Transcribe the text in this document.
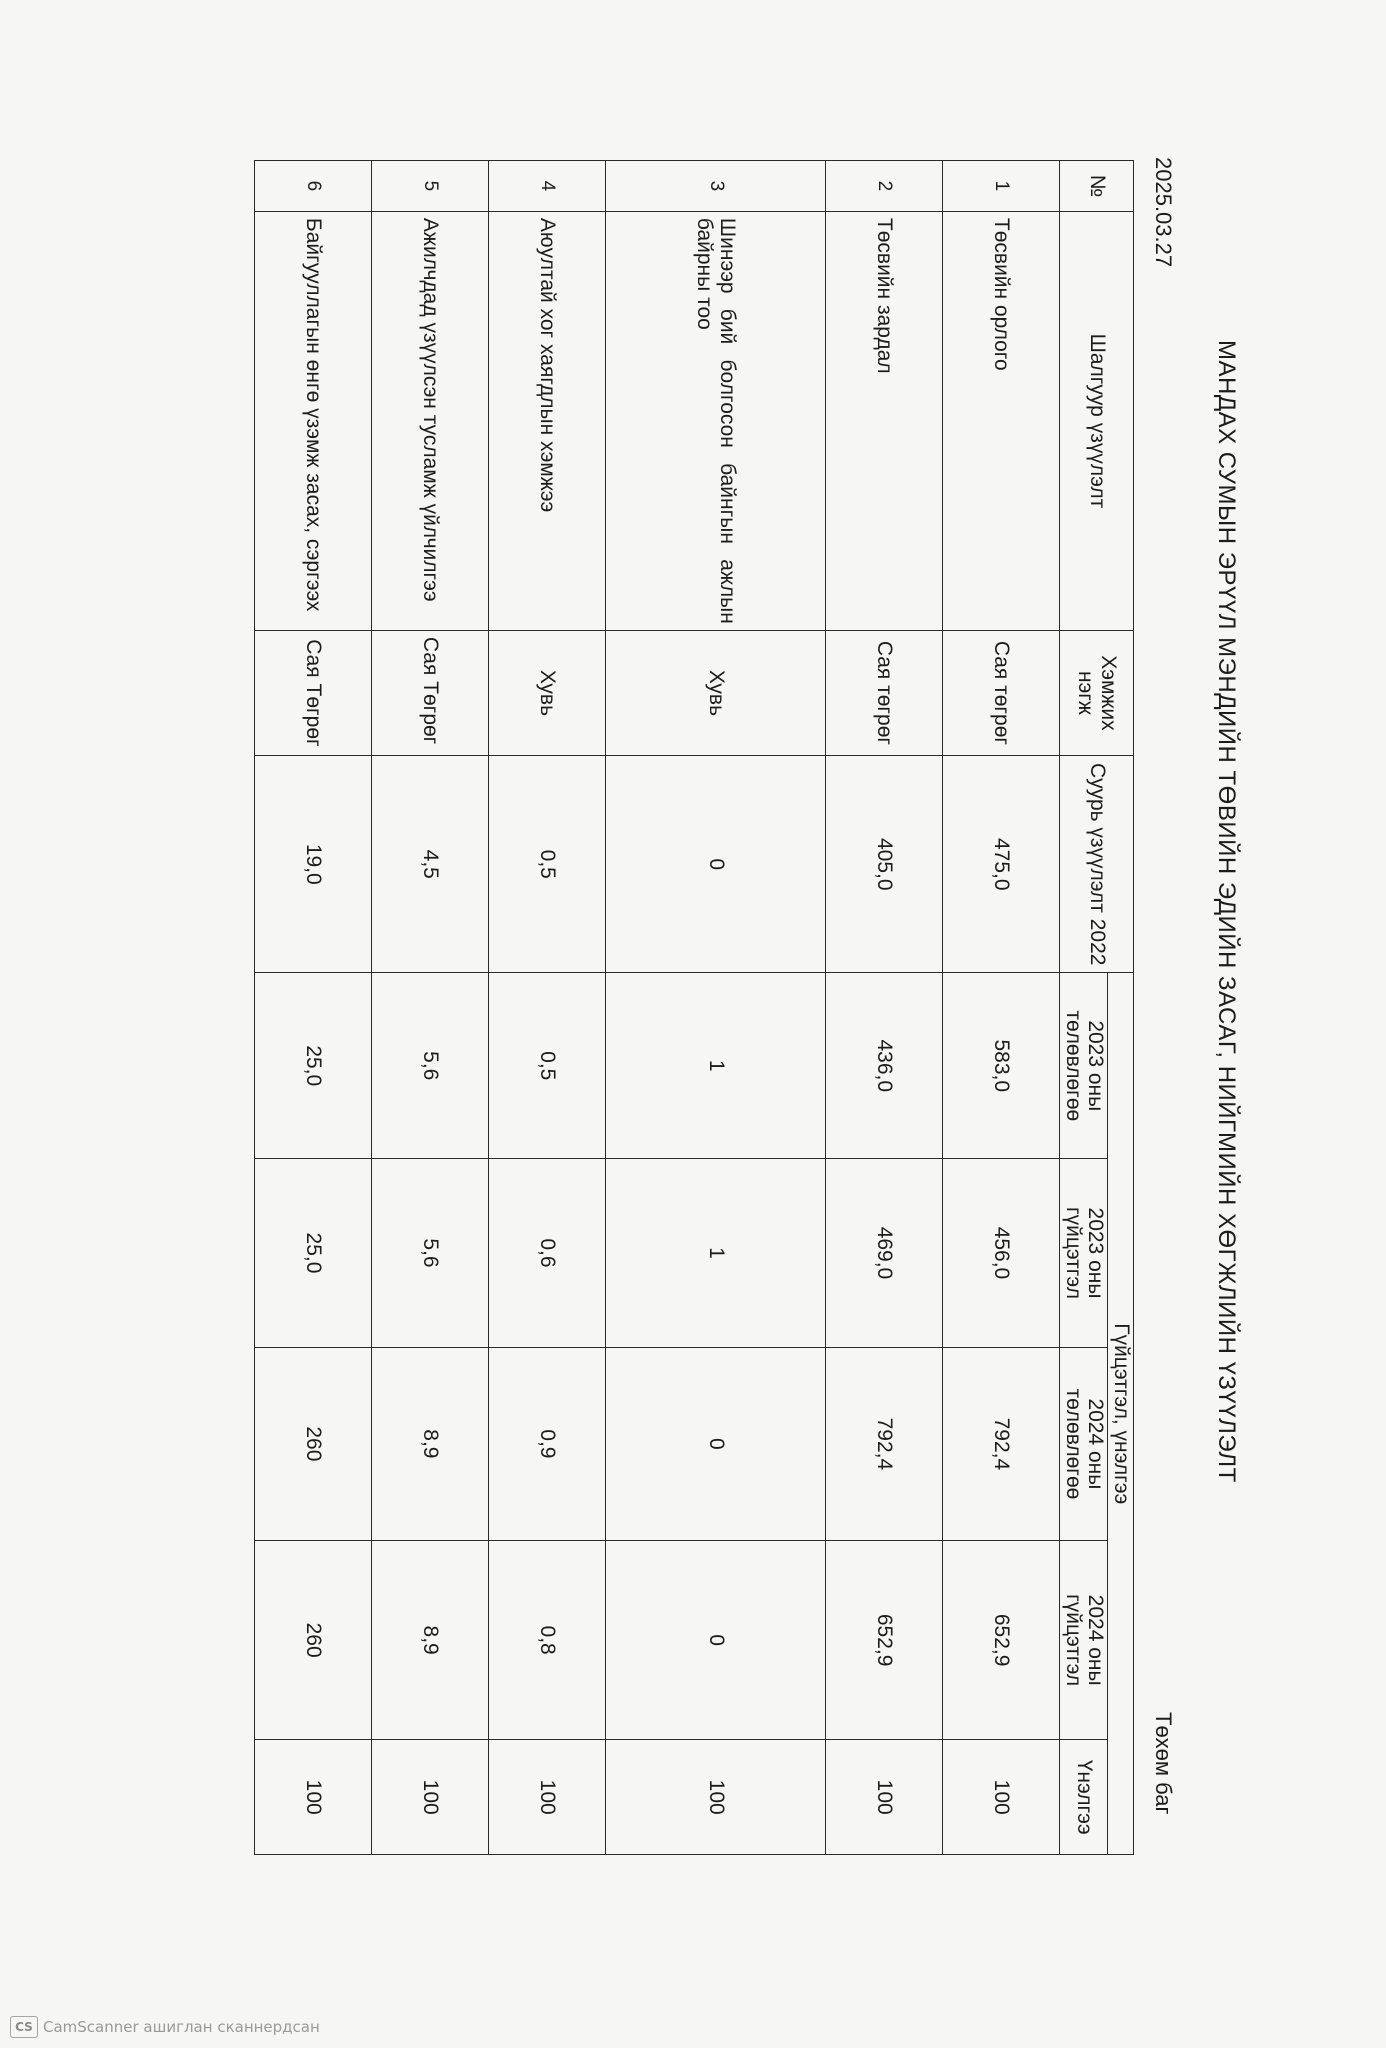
МАНДАХ СУМЫН ЭРҮҮЛ МЭНДИЙН ТӨВИЙН ЭДИЙН ЗАСАГ, НИЙГМИЙН ХӨГЖЛИЙН ҮЗҮҮЛЭЛТ
Төхөм баг
2025.03.27
№	Шалгуур үзүүлэлт	Хэмжих нэгж	Суурь үзүүлэлт 2022	Гүйцэтгэл, үнэлгээ				
				2023 оны төлөвлөгөө	2023 оны гүйцэтгэл	2024 оны төлөвлөгөө	2024 оны гүйцэтгэл	Үнэлгээ
1	Төсвийн орлого	Сая төгрөг	475,0	583,0	456,0	792,4	652,9	100
2	Төсвийн зардал	Сая төгрөг	405,0	436,0	469,0	792,4	652,9	100
3	Шинээр бий болгосон байнгын ажлын байрны тоо	Хувь	0	1	1	0	0	100
4	Аюултай хог хаягдлын хэмжээ	Хувь	0,5	0,5	0,6	0,9	0,8	100
5	Ажилчдад үзүүлсэн тусламж үйлчилгээ	Сая Төгрөг	4,5	5,6	5,6	8,9	8,9	100
6	Байгууллагын өнгө үзэмж засах, сэргээх	Сая Төгрөг	19,0	25,0	25,0	260	260	100
CS CamScanner ашиглан сканнердсан
